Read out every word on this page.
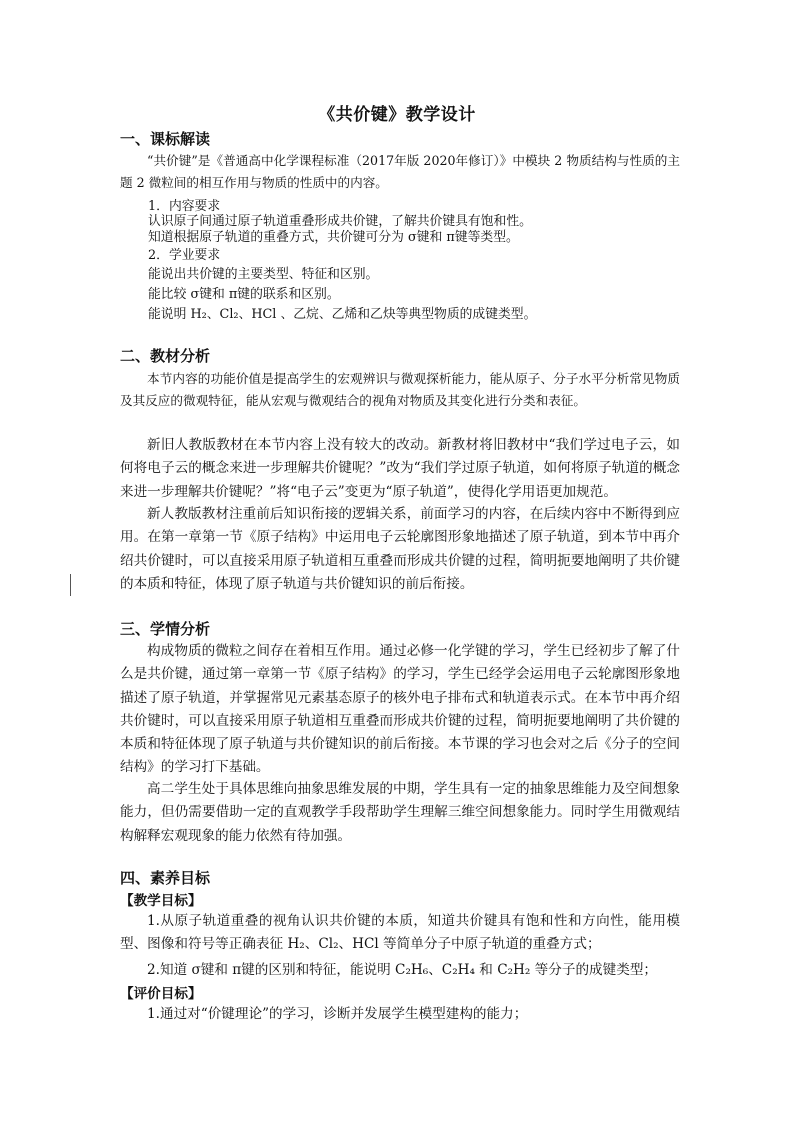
《共价键》教学设计
一、课标解读
“共价键”是《普通高中化学课程标准（2017年版 2020年修订）》中模块 2 物质结构与性质的主题 2 微粒间的相互作用与物质的性质中的内容。
1．内容要求
认识原子间通过原子轨道重叠形成共价键，了解共价键具有饱和性。
知道根据原子轨道的重叠方式，共价键可分为 σ键和 π键等类型。
2．学业要求
能说出共价键的主要类型、特征和区别。
能比较 σ键和 π键的联系和区别。
能说明 H₂、Cl₂、HCl 、乙烷、乙烯和乙炔等典型物质的成键类型。
二、教材分析
本节内容的功能价值是提高学生的宏观辨识与微观探析能力，能从原子、分子水平分析常见物质及其反应的微观特征，能从宏观与微观结合的视角对物质及其变化进行分类和表征。
新旧人教版教材在本节内容上没有较大的改动。新教材将旧教材中“我们学过电子云，如何将电子云的概念来进一步理解共价键呢？”改为“我们学过原子轨道，如何将原子轨道的概念来进一步理解共价键呢？”将“电子云”变更为“原子轨道”，使得化学用语更加规范。
新人教版教材注重前后知识衔接的逻辑关系，前面学习的内容，在后续内容中不断得到应用。在第一章第一节《原子结构》中运用电子云轮廓图形象地描述了原子轨道，到本节中再介绍共价键时，可以直接采用原子轨道相互重叠而形成共价键的过程，简明扼要地阐明了共价键的本质和特征，体现了原子轨道与共价键知识的前后衔接。
三、学情分析
构成物质的微粒之间存在着相互作用。通过必修一化学键的学习，学生已经初步了解了什么是共价键，通过第一章第一节《原子结构》的学习，学生已经学会运用电子云轮廓图形象地描述了原子轨道，并掌握常见元素基态原子的核外电子排布式和轨道表示式。在本节中再介绍共价键时，可以直接采用原子轨道相互重叠而形成共价键的过程，简明扼要地阐明了共价键的本质和特征体现了原子轨道与共价键知识的前后衔接。本节课的学习也会对之后《分子的空间结构》的学习打下基础。
高二学生处于具体思维向抽象思维发展的中期，学生具有一定的抽象思维能力及空间想象能力，但仍需要借助一定的直观教学手段帮助学生理解三维空间想象能力。同时学生用微观结构解释宏观现象的能力依然有待加强。
四、素养目标
【教学目标】
1.从原子轨道重叠的视角认识共价键的本质，知道共价键具有饱和性和方向性，能用模型、图像和符号等正确表征 H₂、Cl₂、HCl 等简单分子中原子轨道的重叠方式；
2.知道 σ键和 π键的区别和特征，能说明 C₂H₆、C₂H₄ 和 C₂H₂ 等分子的成键类型；
【评价目标】
1.通过对“价键理论”的学习，诊断并发展学生模型建构的能力；
